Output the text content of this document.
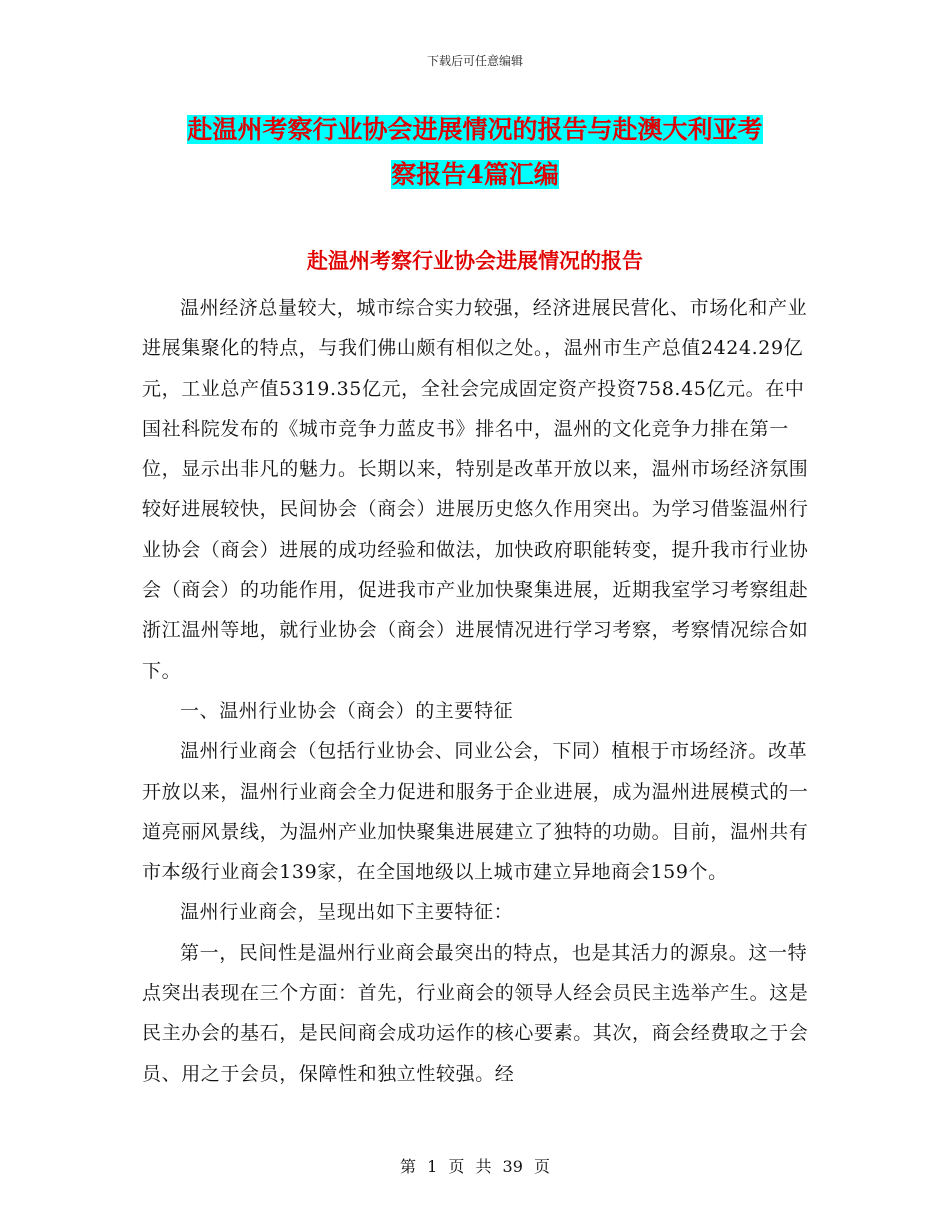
下载后可任意编辑
赴温州考察行业协会进展情况的报告与赴澳大利亚考
察报告4篇汇编
赴温州考察行业协会进展情况的报告

温州经济总量较大，城市综合实力较强，经济进展民营化、市场化和产业进展集聚化的特点，与我们佛山颇有相似之处。，温州市生产总值2424.29亿元，工业总产值5319.35亿元，全社会完成固定资产投资758.45亿元。在中国社科院发布的《城市竞争力蓝皮书》排名中，温州的文化竞争力排在第一位，显示出非凡的魅力。长期以来，特别是改革开放以来，温州市场经济氛围较好进展较快，民间协会（商会）进展历史悠久作用突出。为学习借鉴温州行业协会（商会）进展的成功经验和做法，加快政府职能转变，提升我市行业协会（商会）的功能作用，促进我市产业加快聚集进展，近期我室学习考察组赴浙江温州等地，就行业协会（商会）进展情况进行学习考察，考察情况综合如下。

一、温州行业协会（商会）的主要特征

温州行业商会（包括行业协会、同业公会，下同）植根于市场经济。改革开放以来，温州行业商会全力促进和服务于企业进展，成为温州进展模式的一道亮丽风景线，为温州产业加快聚集进展建立了独特的功勋。目前，温州共有市本级行业商会139家，在全国地级以上城市建立异地商会159个。

温州行业商会，呈现出如下主要特征：

第一，民间性是温州行业商会最突出的特点，也是其活力的源泉。这一特点突出表现在三个方面：首先，行业商会的领导人经会员民主选举产生。这是民主办会的基石，是民间商会成功运作的核心要素。其次，商会经费取之于会员、用之于会员，保障性和独立性较强。经

第 1 页 共 39 页
